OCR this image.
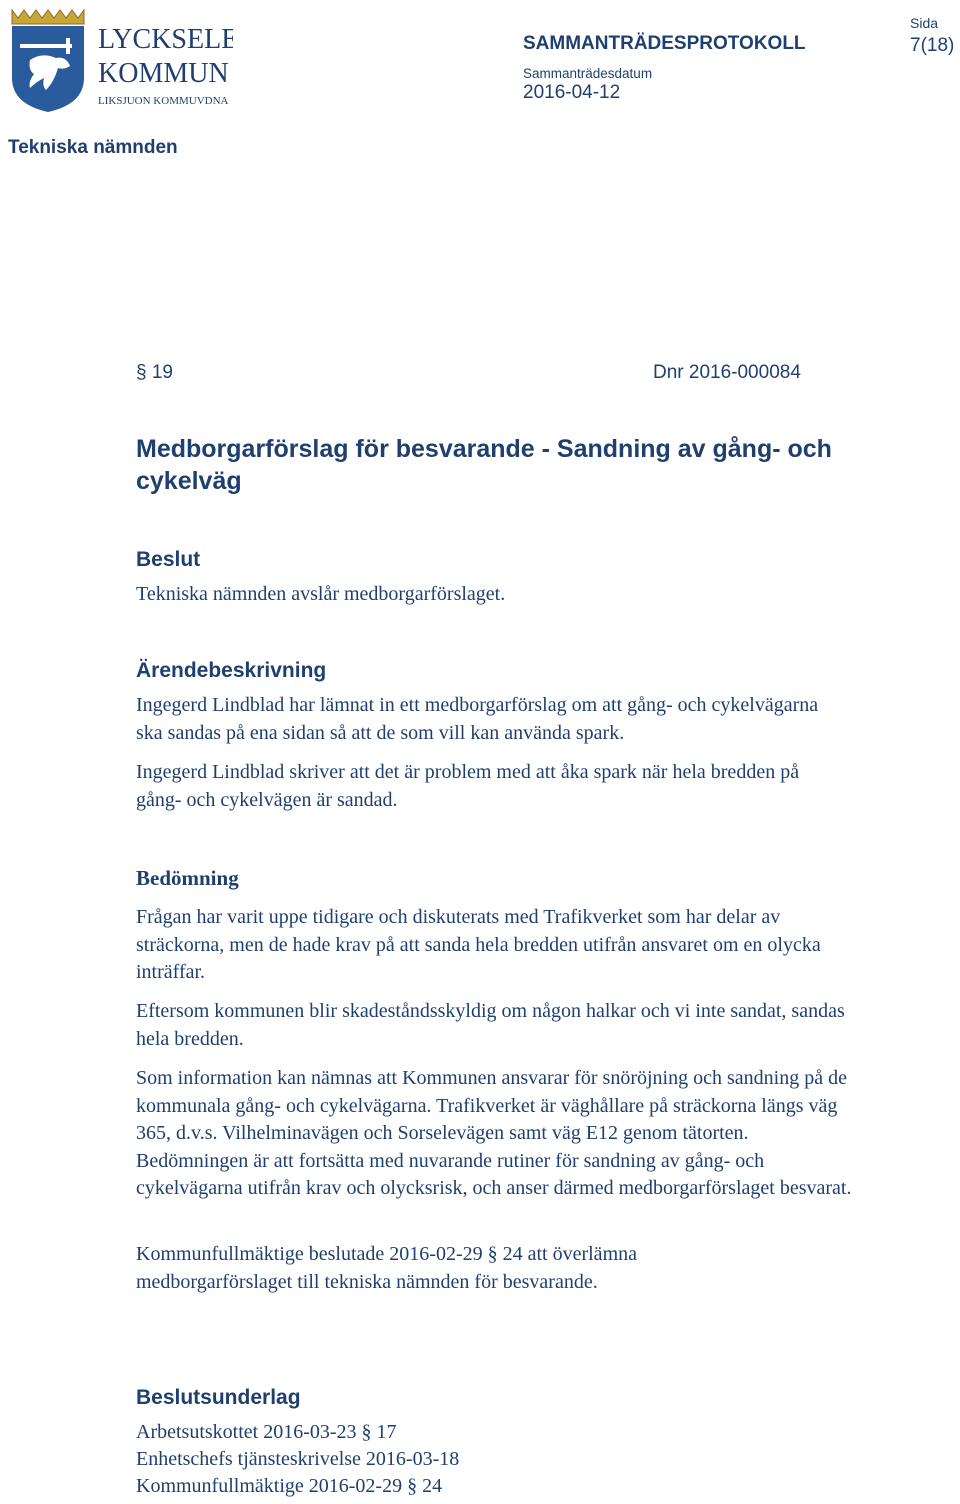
LYCKSELE
KOMMUN
LIKSJUON KOMMUVDNA
SAMMANTRÄDESPROTOKOLL
Sammanträdesdatum
2016-04-12
Sida
7(18)
Tekniska nämnden
§ 19	Dnr 2016-000084
Medborgarförslag för besvarande - Sandning av gång- och cykelväg
Beslut
Tekniska nämnden avslår medborgarförslaget.
Ärendebeskrivning
Ingegerd Lindblad har lämnat in ett medborgarförslag om att gång- och cykelvägarna ska sandas på ena sidan så att de som vill kan använda spark.
Ingegerd Lindblad skriver att det är problem med att åka spark när hela bredden på gång- och cykelvägen är sandad.
Bedömning
Frågan har varit uppe tidigare och diskuterats med Trafikverket som har delar av sträckorna, men de hade krav på att sanda hela bredden utifrån ansvaret om en olycka inträffar.
Eftersom kommunen blir skadeståndsskyldig om någon halkar och vi inte sandat, sandas hela bredden.
Som information kan nämnas att Kommunen ansvarar för snöröjning och sandning på de kommunala gång- och cykelvägarna. Trafikverket är väghållare på sträckorna längs väg 365, d.v.s. Vilhelminavägen och Sorselevägen samt väg E12 genom tätorten. Bedömningen är att fortsätta med nuvarande rutiner för sandning av gång- och cykelvägarna utifrån krav och olycksrisk, och anser därmed medborgarförslaget besvarat.
Kommunfullmäktige beslutade 2016-02-29 § 24 att överlämna medborgarförslaget till tekniska nämnden för besvarande.
Beslutsunderlag
Arbetsutskottet 2016-03-23 § 17
Enhetschefs tjänsteskrivelse 2016-03-18
Kommunfullmäktige 2016-02-29 § 24
